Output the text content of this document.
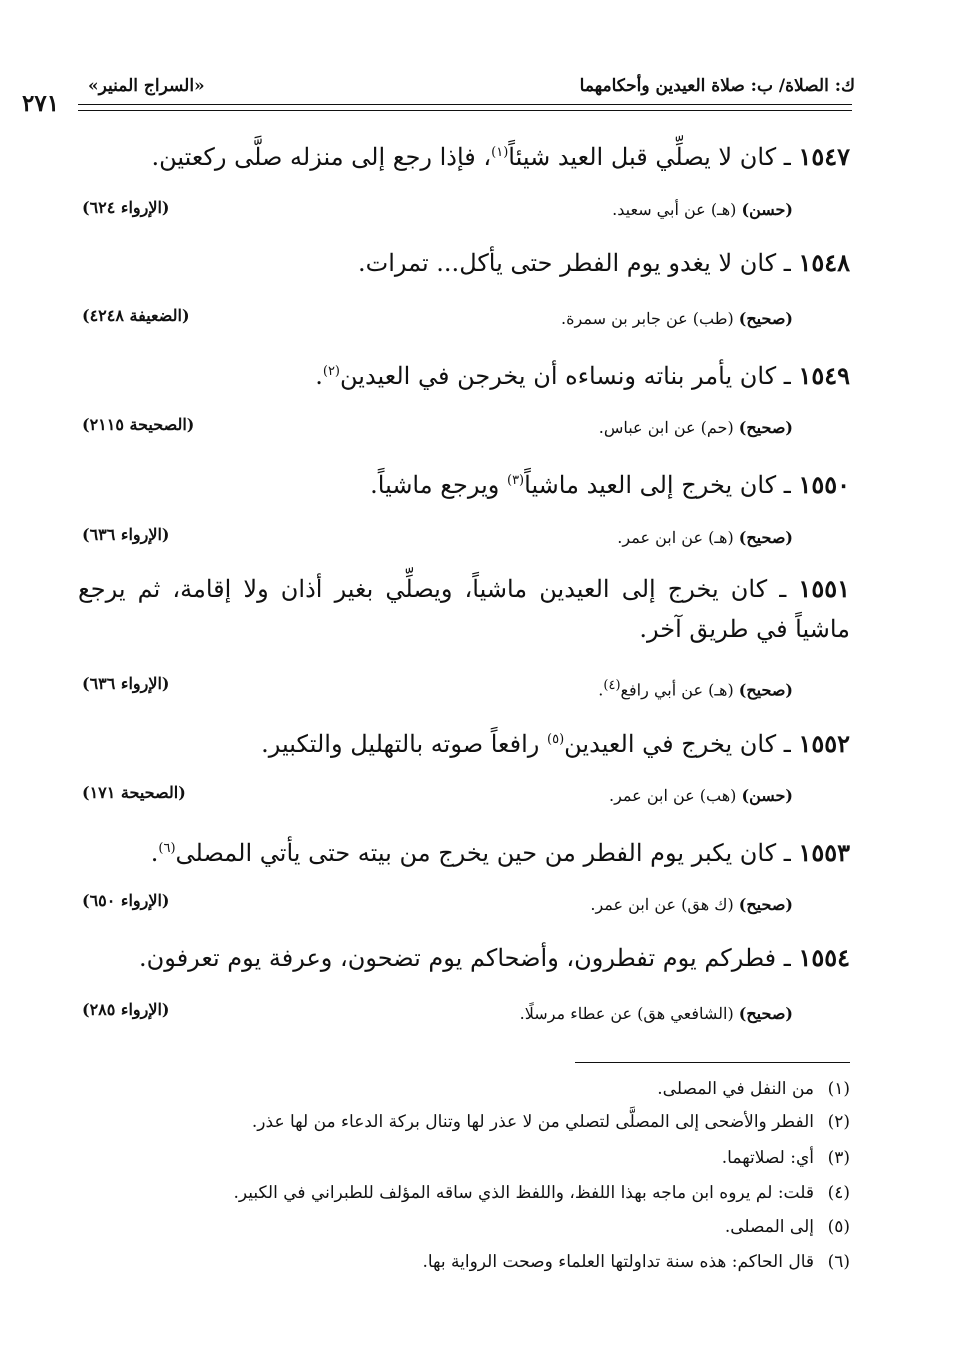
ك: الصلاة/ ب: صلاة العيدين وأحكامهما
«السراج المنير»
٢٧١
١٥٤٧ ـ كان لا يصلِّي قبل العيد شيئاً$^{(١)}$، فإذا رجع إلى منزله صلَّى ركعتين.
(حسن) (هـ) عن أبي سعيد.
(الإرواء ٦٢٤)
١٥٤٨ ـ كان لا يغدو يوم الفطر حتى يأكل... تمرات.
(صحيح) (طب) عن جابر بن سمرة.
(الضعيفة ٤٢٤٨)
١٥٤٩ ـ كان يأمر بناته ونساءه أن يخرجن في العيدين$^{(٢)}$.
(صحيح) (حم) عن ابن عباس.
(الصحيحة ٢١١٥)
١٥٥٠ ـ كان يخرج إلى العيد ماشياً$^{(٣)}$ ويرجع ماشياً.
(صحيح) (هـ) عن ابن عمر.
(الإرواء ٦٣٦)
١٥٥١ ـ كان يخرج إلى العيدين ماشياً، ويصلِّي بغير أذان ولا إقامة، ثم يرجع ماشياً في طريق آخر.
(صحيح) (هـ) عن أبي رافع$^{(٤)}$.
(الإرواء ٦٣٦)
١٥٥٢ ـ كان يخرج في العيدين$^{(٥)}$ رافعاً صوته بالتهليل والتكبير.
(حسن) (هب) عن ابن عمر.
(الصحيحة ١٧١)
١٥٥٣ ـ كان يكبر يوم الفطر من حين يخرج من بيته حتى يأتي المصلى$^{(٦)}$.
(صحيح) (ك هق) عن ابن عمر.
(الإرواء ٦٥٠)
١٥٥٤ ـ فطركم يوم تفطرون، وأضحاكم يوم تضحون، وعرفة يوم تعرفون.
(صحيح) (الشافعي هق) عن عطاء مرسلًا.
(الإرواء ٢٨٥)
(١)من النفل في المصلى.
(٢)الفطر والأضحى إلى المصلَّى لتصلي من لا عذر لها وتنال بركة الدعاء من لها عذر.
(٣)أي: لصلاتهما.
(٤)قلت: لم يروه ابن ماجه بهذا اللفظ، واللفظ الذي ساقه المؤلف للطبراني في الكبير.
(٥)إلى المصلى.
(٦)قال الحاكم: هذه سنة تداولتها العلماء وصحت الرواية بها.
